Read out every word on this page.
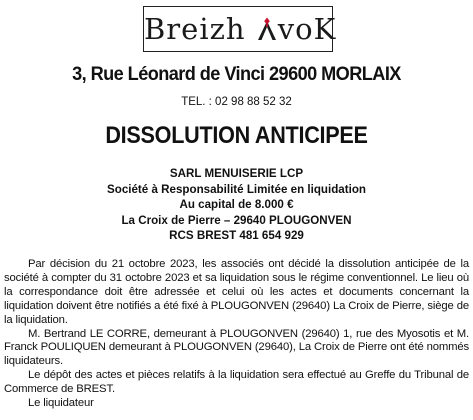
Breizh
voK
3, Rue Léonard de Vinci 29600 MORLAIX
TEL. : 02 98 88 52 32
DISSOLUTION ANTICIPEE
SARL MENUISERIE LCP
Société à Responsabilité Limitée en liquidation
Au capital de 8.000 €
La Croix de Pierre – 29640 PLOUGONVEN
RCS BREST 481 654 929

Par décision du 21 octobre 2023, les associés ont décidé la dissolution anticipée de la société à compter du 31 octobre 2023 et sa liquidation sous le régime conventionnel. Le lieu où la correspondance doit être adressée et celui où les actes et documents concernant la liquidation doivent être notifiés a été fixé à PLOUGONVEN (29640) La Croix de Pierre, siège de la liquidation.

M. Bertrand LE CORRE, demeurant à PLOUGONVEN (29640) 1, rue des Myosotis et M. Franck POULIQUEN demeurant à PLOUGONVEN (29640), La Croix de Pierre ont été nommés liquidateurs.

Le dépôt des actes et pièces relatifs à la liquidation sera effectué au Greffe du Tribunal de Commerce de BREST.

Le liquidateur
